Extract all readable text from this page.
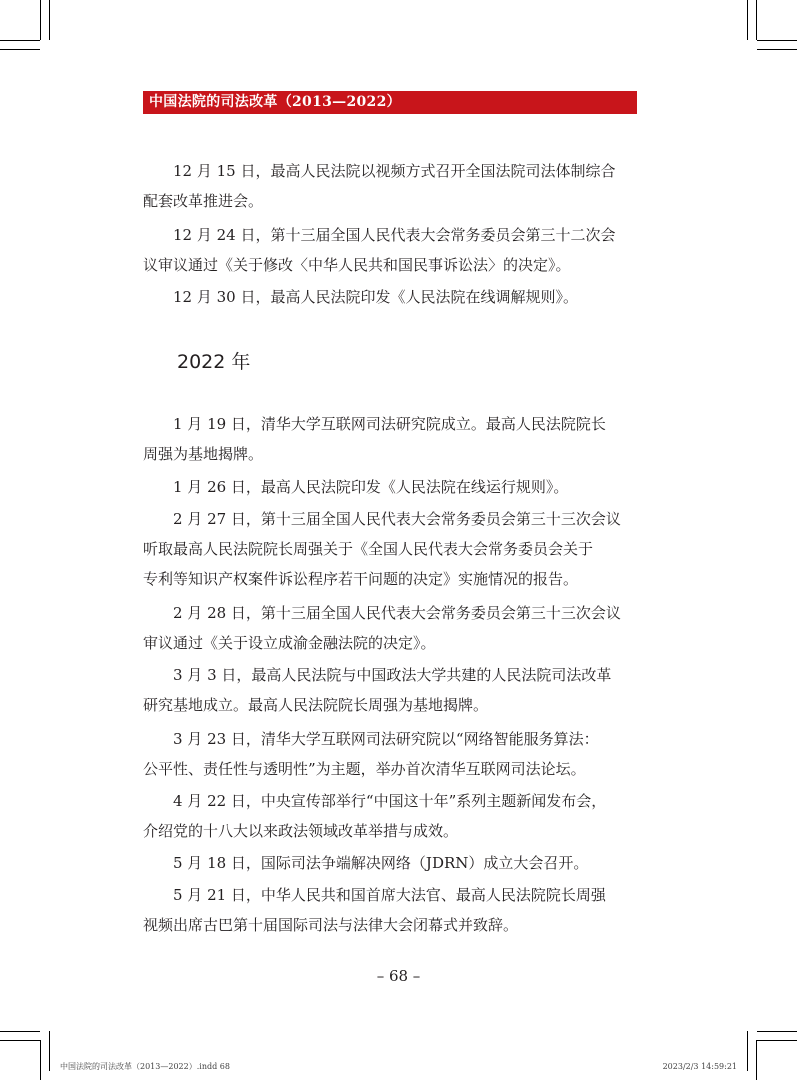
中国法院的司法改革（2013—2022）
12 月 15 日，最高人民法院以视频方式召开全国法院司法体制综合
配套改革推进会。
12 月 24 日，第十三届全国人民代表大会常务委员会第三十二次会
议审议通过《关于修改〈中华人民共和国民事诉讼法〉的决定》。
12 月 30 日，最高人民法院印发《人民法院在线调解规则》。
2022 年
1 月 19 日，清华大学互联网司法研究院成立。最高人民法院院长
周强为基地揭牌。
1 月 26 日，最高人民法院印发《人民法院在线运行规则》。
2 月 27 日，第十三届全国人民代表大会常务委员会第三十三次会议
听取最高人民法院院长周强关于《全国人民代表大会常务委员会关于
专利等知识产权案件诉讼程序若干问题的决定》实施情况的报告。
2 月 28 日，第十三届全国人民代表大会常务委员会第三十三次会议
审议通过《关于设立成渝金融法院的决定》。
3 月 3 日，最高人民法院与中国政法大学共建的人民法院司法改革
研究基地成立。最高人民法院院长周强为基地揭牌。
3 月 23 日，清华大学互联网司法研究院以“网络智能服务算法：
公平性、责任性与透明性”为主题，举办首次清华互联网司法论坛。
4 月 22 日，中央宣传部举行“中国这十年”系列主题新闻发布会，
介绍党的十八大以来政法领域改革举措与成效。
5 月 18 日，国际司法争端解决网络（JDRN）成立大会召开。
5 月 21 日，中华人民共和国首席大法官、最高人民法院院长周强
视频出席古巴第十届国际司法与法律大会闭幕式并致辞。
– 68 –
中国法院的司法改革（2013—2022）.indd 68	2023/2/3 14:59:21
